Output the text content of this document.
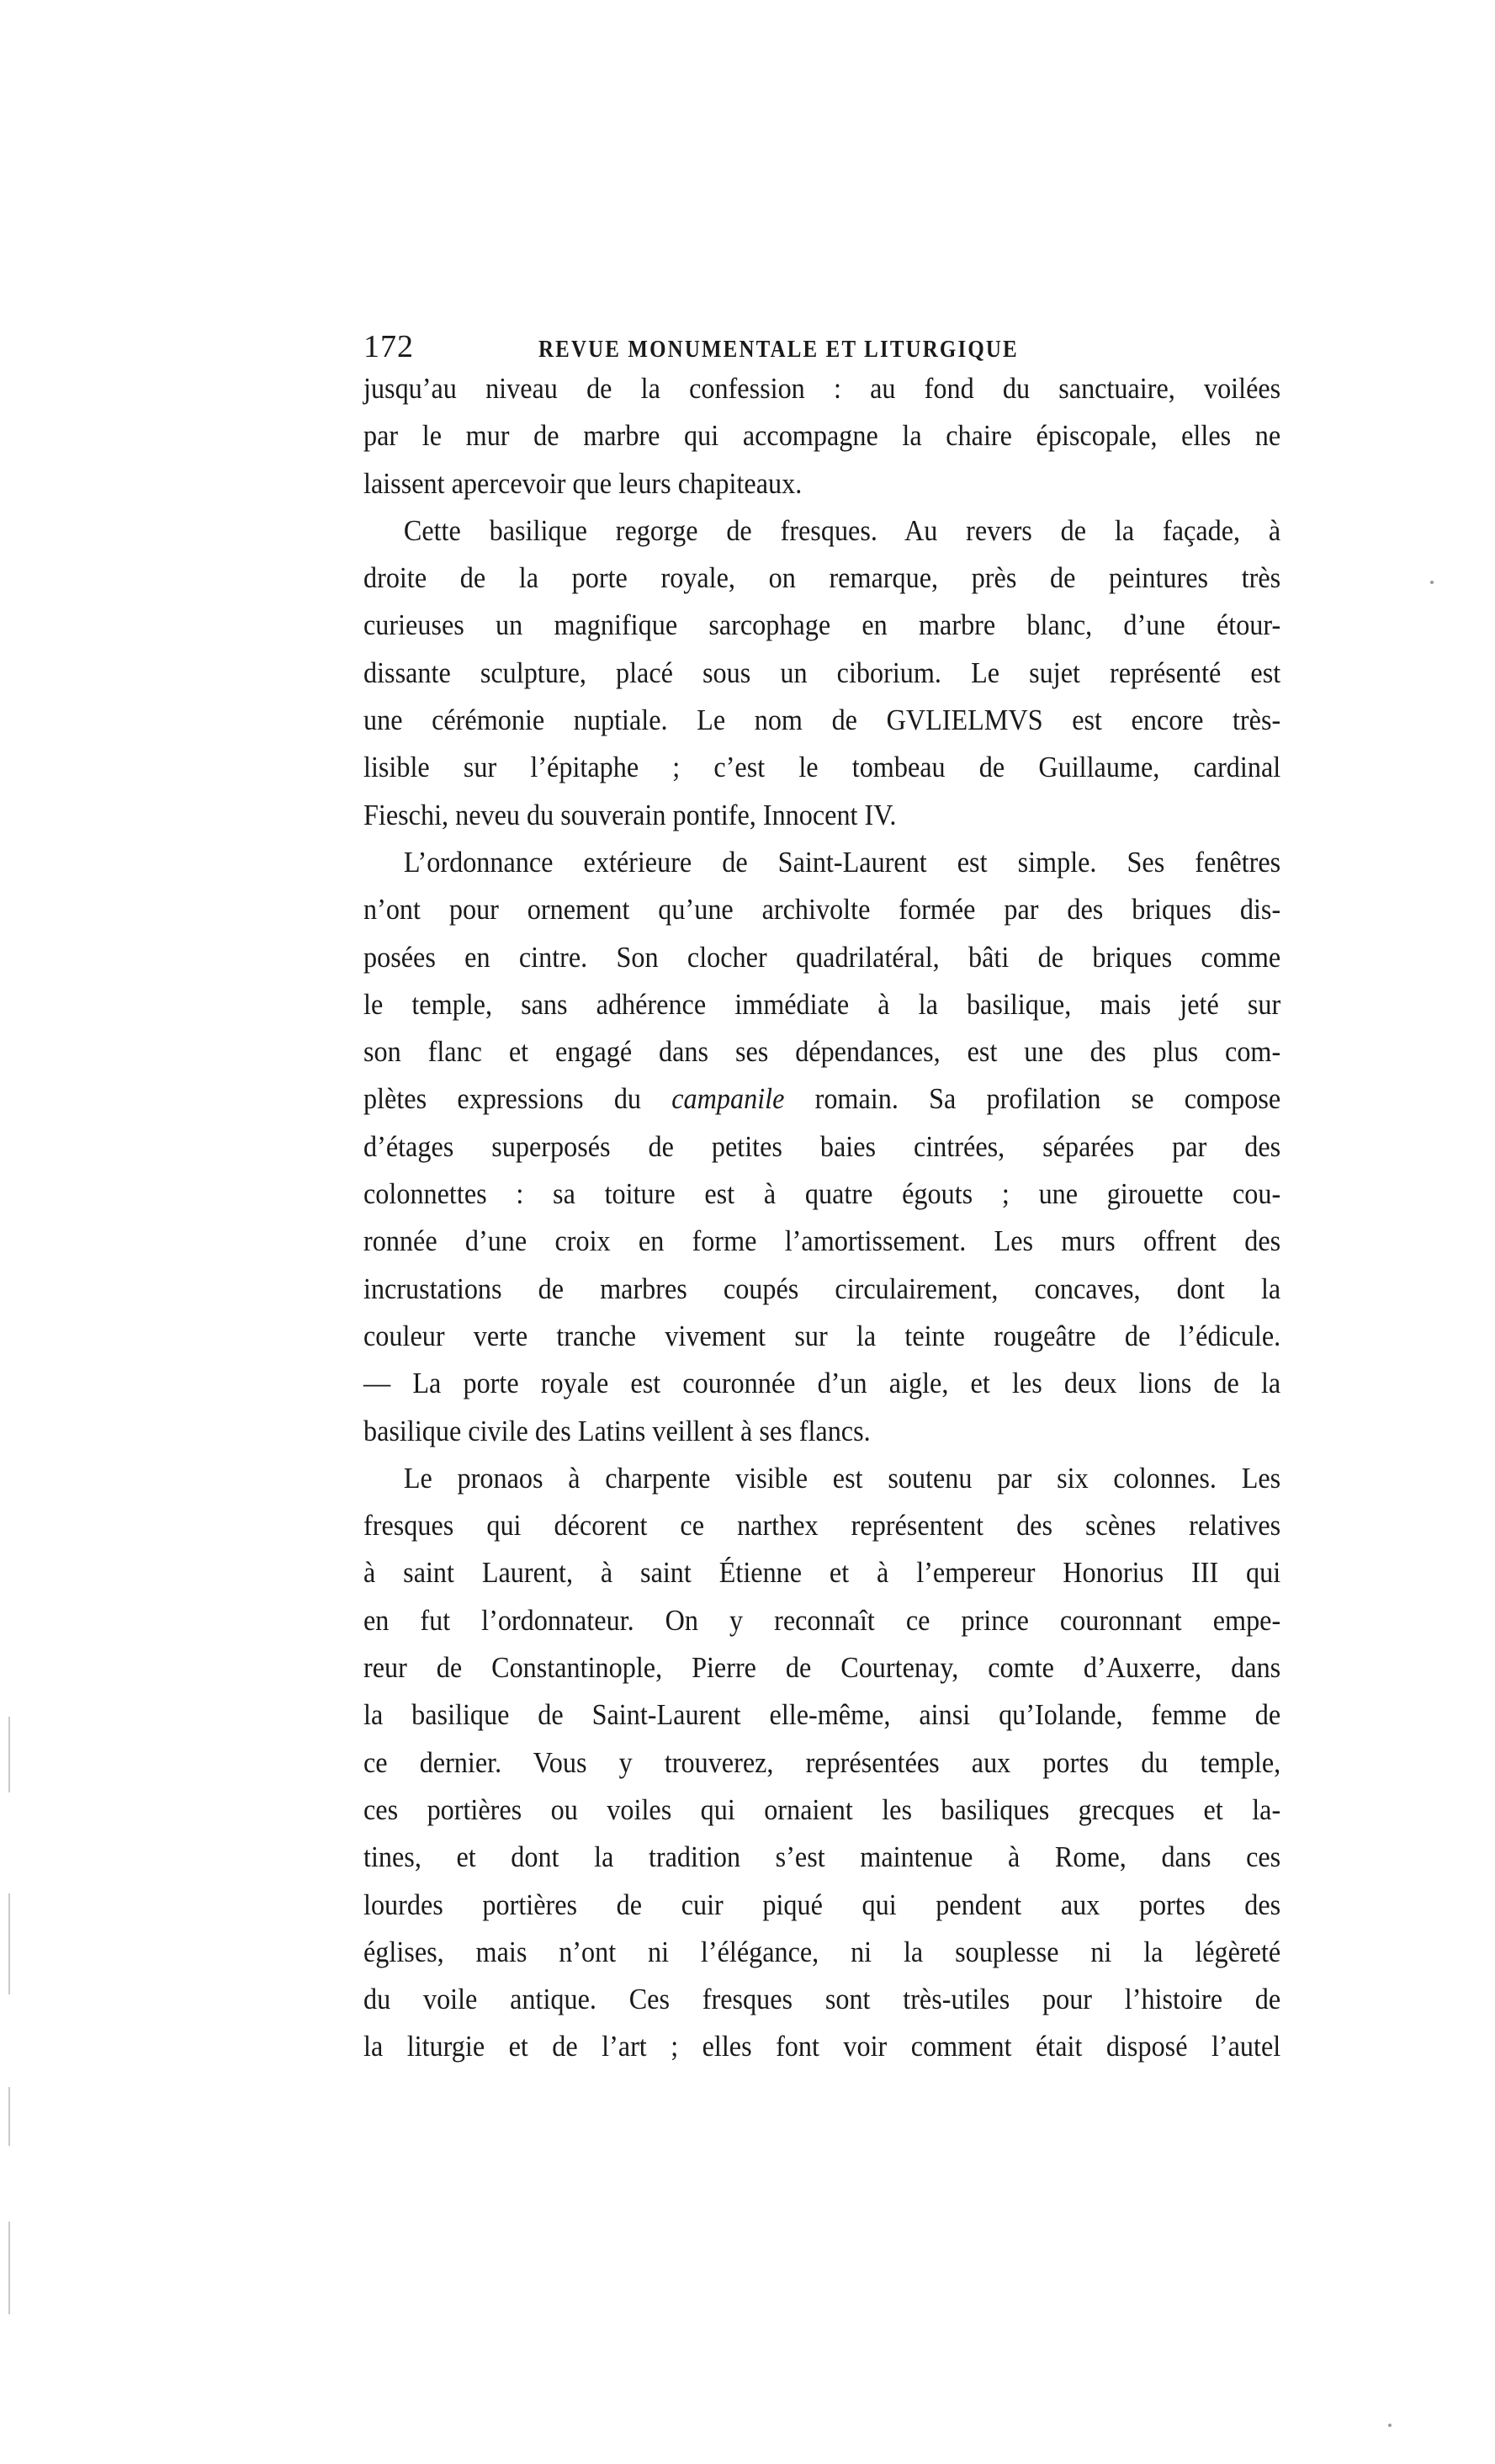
172	REVUE MONUMENTALE ET LITURGIQUE
jusqu’au niveau de la confession : au fond du sanctuaire, voilées
par le mur de marbre qui accompagne la chaire épiscopale, elles ne
laissent apercevoir que leurs chapiteaux.
Cette basilique regorge de fresques. Au revers de la façade, à
droite de la porte royale, on remarque, près de peintures très
curieuses un magnifique sarcophage en marbre blanc, d’une étour-
dissante sculpture, placé sous un ciborium. Le sujet représenté est
une cérémonie nuptiale. Le nom de GVLIELMVS est encore très-
lisible sur l’épitaphe ; c’est le tombeau de Guillaume, cardinal
Fieschi, neveu du souverain pontife, Innocent IV.
L’ordonnance extérieure de Saint-Laurent est simple. Ses fenêtres
n’ont pour ornement qu’une archivolte formée par des briques dis-
posées en cintre. Son clocher quadrilatéral, bâti de briques comme
le temple, sans adhérence immédiate à la basilique, mais jeté sur
son flanc et engagé dans ses dépendances, est une des plus com-
plètes expressions du campanile romain. Sa profilation se compose
d’étages superposés de petites baies cintrées, séparées par des
colonnettes : sa toiture est à quatre égouts ; une girouette cou-
ronnée d’une croix en forme l’amortissement. Les murs offrent des
incrustations de marbres coupés circulairement, concaves, dont la
couleur verte tranche vivement sur la teinte rougeâtre de l’édicule.
— La porte royale est couronnée d’un aigle, et les deux lions de la
basilique civile des Latins veillent à ses flancs.
Le pronaos à charpente visible est soutenu par six colonnes. Les
fresques qui décorent ce narthex représentent des scènes relatives
à saint Laurent, à saint Étienne et à l’empereur Honorius III qui
en fut l’ordonnateur. On y reconnaît ce prince couronnant empe-
reur de Constantinople, Pierre de Courtenay, comte d’Auxerre, dans
la basilique de Saint-Laurent elle-même, ainsi qu’Iolande, femme de
ce dernier. Vous y trouverez, représentées aux portes du temple,
ces portières ou voiles qui ornaient les basiliques grecques et la-
tines, et dont la tradition s’est maintenue à Rome, dans ces
lourdes portières de cuir piqué qui pendent aux portes des
églises, mais n’ont ni l’élégance, ni la souplesse ni la légèreté
du voile antique. Ces fresques sont très-utiles pour l’histoire de
la liturgie et de l’art ; elles font voir comment était disposé l’autel
